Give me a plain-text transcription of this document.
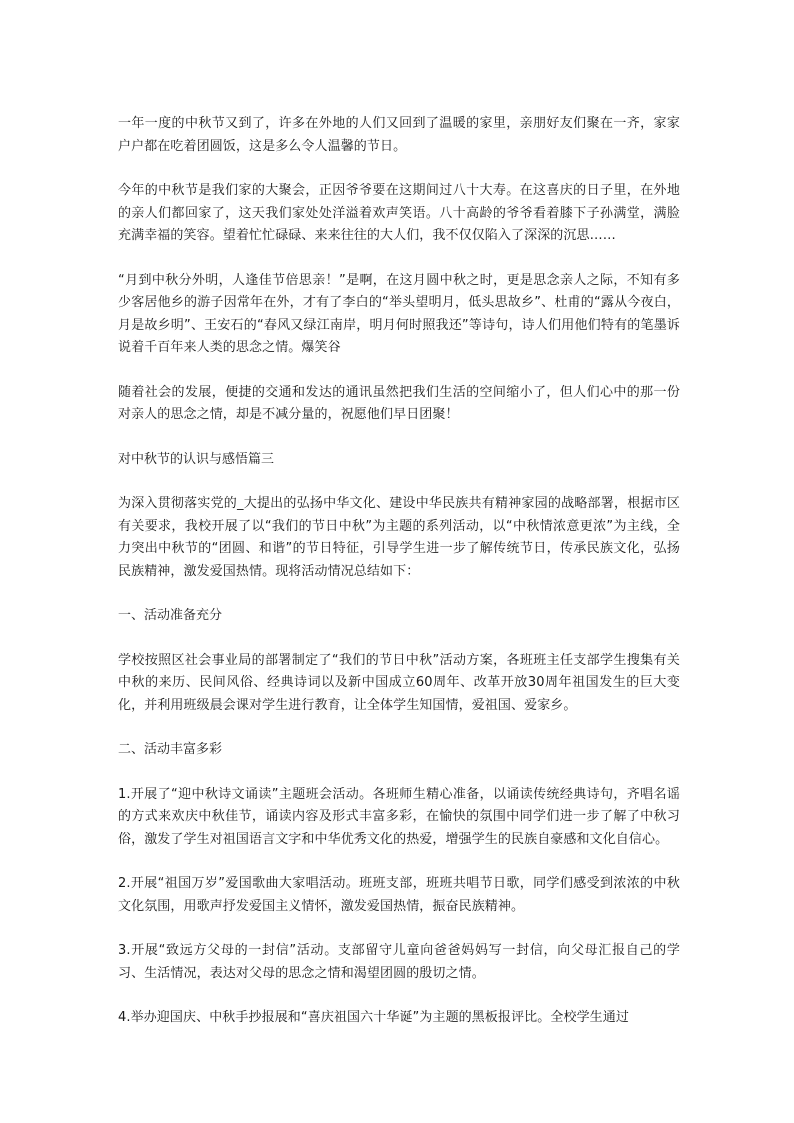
一年一度的中秋节又到了，许多在外地的人们又回到了温暖的家里，亲朋好友们聚在一齐，家家户户都在吃着团圆饭，这是多么令人温馨的节日。

今年的中秋节是我们家的大聚会，正因爷爷要在这期间过八十大寿。在这喜庆的日子里，在外地的亲人们都回家了，这天我们家处处洋溢着欢声笑语。八十高龄的爷爷看着膝下子孙满堂，满脸充满幸福的笑容。望着忙忙碌碌、来来往往的大人们，我不仅仅陷入了深深的沉思……

“月到中秋分外明，人逢佳节倍思亲！”是啊，在这月圆中秋之时，更是思念亲人之际，不知有多少客居他乡的游子因常年在外，才有了李白的“举头望明月，低头思故乡”、杜甫的“露从今夜白，月是故乡明”、王安石的“春风又绿江南岸，明月何时照我还”等诗句，诗人们用他们特有的笔墨诉说着千百年来人类的思念之情。爆笑谷

随着社会的发展，便捷的交通和发达的通讯虽然把我们生活的空间缩小了，但人们心中的那一份对亲人的思念之情，却是不减分量的，祝愿他们早日团聚！

对中秋节的认识与感悟篇三

为深入贯彻落实党的_大提出的弘扬中华文化、建设中华民族共有精神家园的战略部署，根据市区有关要求，我校开展了以“我们的节日中秋”为主题的系列活动，以“中秋情浓意更浓”为主线，全力突出中秋节的“团圆、和谐”的节日特征，引导学生进一步了解传统节日，传承民族文化，弘扬民族精神，激发爱国热情。现将活动情况总结如下：

一、活动准备充分

学校按照区社会事业局的部署制定了“我们的节日中秋”活动方案，各班班主任支部学生搜集有关中秋的来历、民间风俗、经典诗词以及新中国成立60周年、改革开放30周年祖国发生的巨大变化，并利用班级晨会课对学生进行教育，让全体学生知国情，爱祖国、爱家乡。

二、活动丰富多彩

1.开展了“迎中秋诗文诵读”主题班会活动。各班师生精心准备，以诵读传统经典诗句，齐唱名谣的方式来欢庆中秋佳节，诵读内容及形式丰富多彩，在愉快的氛围中同学们进一步了解了中秋习俗，激发了学生对祖国语言文字和中华优秀文化的热爱，增强学生的民族自豪感和文化自信心。

2.开展“祖国万岁”爱国歌曲大家唱活动。班班支部，班班共唱节日歌，同学们感受到浓浓的中秋文化氛围，用歌声抒发爱国主义情怀，激发爱国热情，振奋民族精神。

3.开展“致远方父母的一封信”活动。支部留守儿童向爸爸妈妈写一封信，向父母汇报自己的学习、生活情况，表达对父母的思念之情和渴望团圆的殷切之情。

4.举办迎国庆、中秋手抄报展和“喜庆祖国六十华诞”为主题的黑板报评比。全校学生通过
